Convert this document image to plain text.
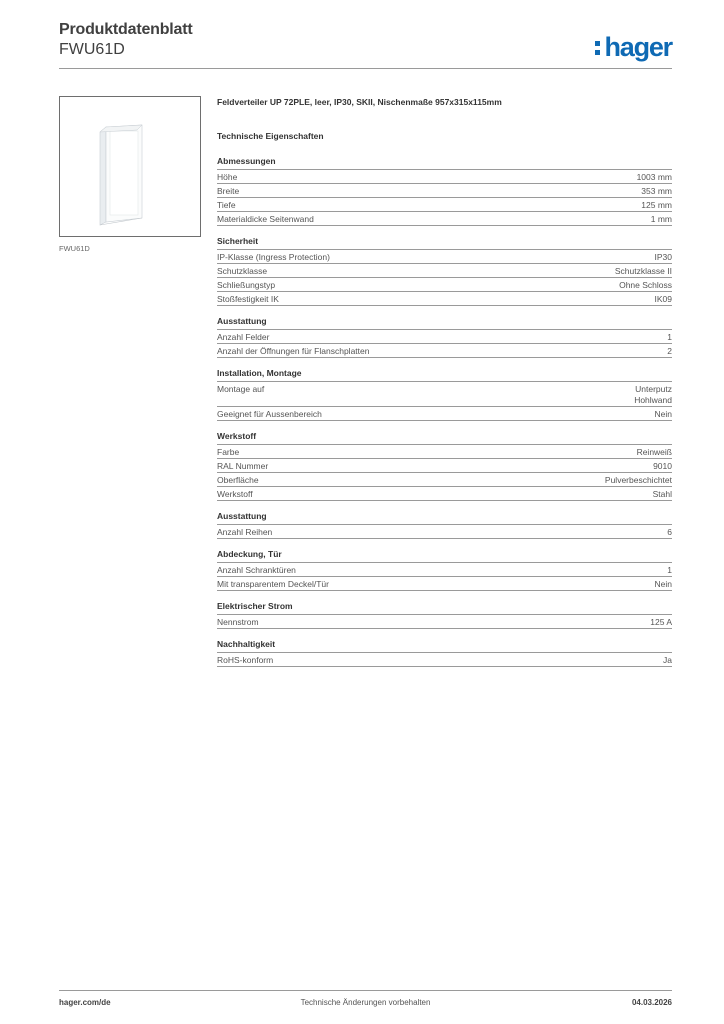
Produktdatenblatt
FWU61D	hager
FWU61D
Feldverteiler UP 72PLE, leer, IP30, SKII, Nischenmaße 957x315x115mm
Technische Eigenschaften
Abmessungen
Höhe	1003 mm
Breite	353 mm
Tiefe	125 mm
Materialdicke Seitenwand	1 mm
Sicherheit
IP-Klasse (Ingress Protection)	IP30
Schutzklasse	Schutzklasse II
Schließungstyp	Ohne Schloss
Stoßfestigkeit IK	IK09
Ausstattung
Anzahl Felder	1
Anzahl der Öffnungen für Flanschplatten	2
Installation, Montage
Montage auf	Unterputz
Hohlwand
Geeignet für Aussenbereich	Nein
Werkstoff
Farbe	Reinweiß
RAL Nummer	9010
Oberfläche	Pulverbeschichtet
Werkstoff	Stahl
Ausstattung
Anzahl Reihen	6
Abdeckung, Tür
Anzahl Schranktüren	1
Mit transparentem Deckel/Tür	Nein
Elektrischer Strom
Nennstrom	125 A
Nachhaltigkeit
RoHS-konform	Ja
hager.com/de	Technische Änderungen vorbehalten	04.03.2026
